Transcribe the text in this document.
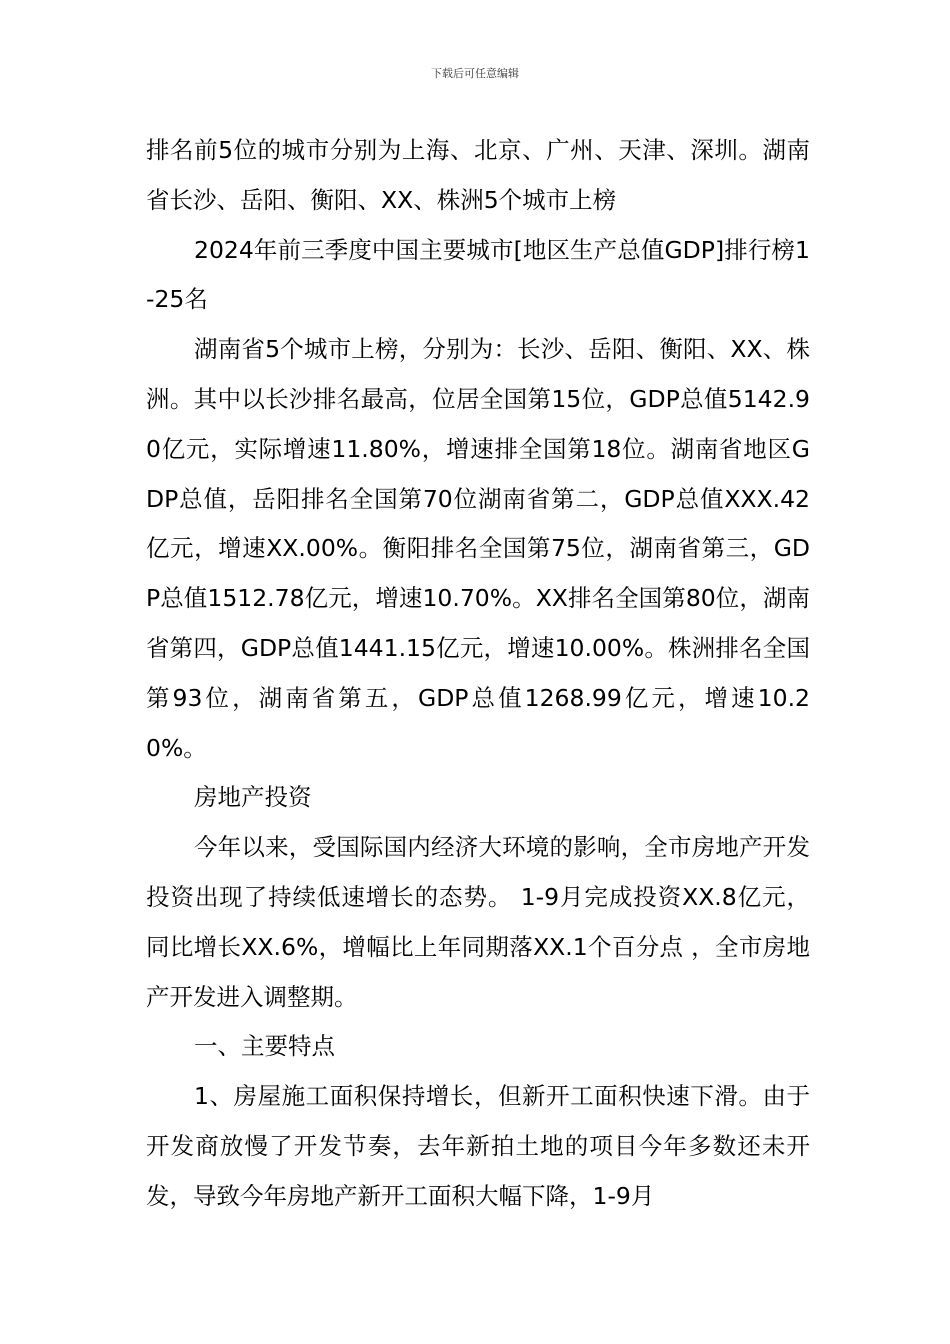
下载后可任意编辑

排名前5位的城市分别为上海、北京、广州、天津、深圳。湖南省长沙、岳阳、衡阳、XX、株洲5个城市上榜

2024年前三季度中国主要城市[地区生产总值GDP]排行榜1-25名

湖南省5个城市上榜，分别为：长沙、岳阳、衡阳、XX、株洲。其中以长沙排名最高，位居全国第15位，GDP总值5142.90亿元，实际增速11.80%，增速排全国第18位。湖南省地区GDP总值，岳阳排名全国第70位湖南省第二，GDP总值XXX.42亿元，增速XX.00%。衡阳排名全国第75位，湖南省第三，GDP总值1512.78亿元，增速10.70%。XX排名全国第80位，湖南省第四，GDP总值1441.15亿元，增速10.00%。株洲排名全国第93位，湖南省第五，GDP总值1268.99亿元，增速10.20%。

房地产投资

今年以来，受国际国内经济大环境的影响，全市房地产开发投资出现了持续低速增长的态势。 1-9月完成投资XX.8亿元，同比增长XX.6%，增幅比上年同期落XX.1个百分点 ，全市房地产开发进入调整期。

一、主要特点

1、房屋施工面积保持增长，但新开工面积快速下滑。由于开发商放慢了开发节奏，去年新拍土地的项目今年多数还未开发，导致今年房地产新开工面积大幅下降，1-9月
